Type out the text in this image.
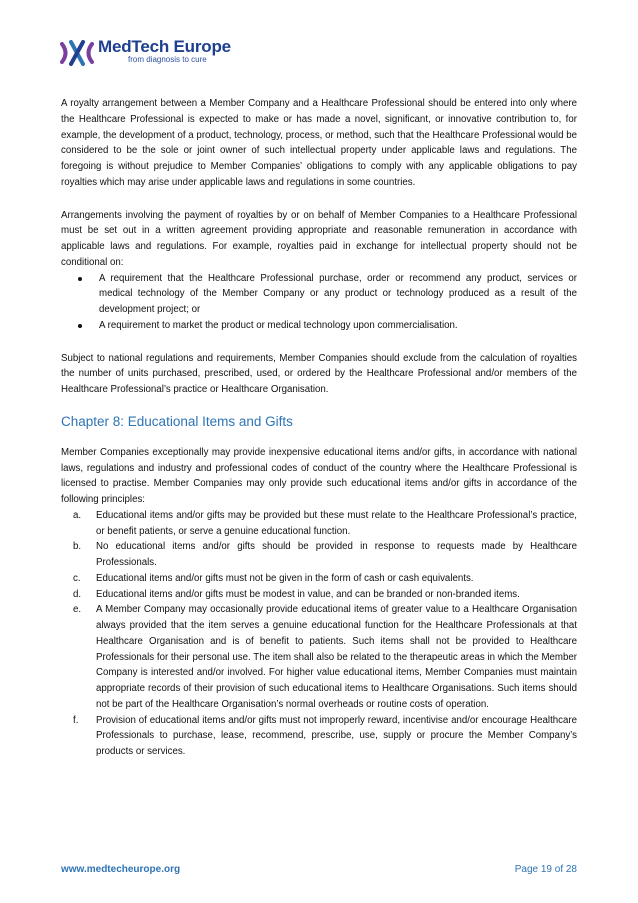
MedTech Europe
from diagnosis to cure

A royalty arrangement between a Member Company and a Healthcare Professional should be entered into only where the Healthcare Professional is expected to make or has made a novel, significant, or innovative contribution to, for example, the development of a product, technology, process, or method, such that the Healthcare Professional would be considered to be the sole or joint owner of such intellectual property under applicable laws and regulations. The foregoing is without prejudice to Member Companies’ obligations to comply with any applicable obligations to pay royalties which may arise under applicable laws and regulations in some countries.

Arrangements involving the payment of royalties by or on behalf of Member Companies to a Healthcare Professional must be set out in a written agreement providing appropriate and reasonable remuneration in accordance with applicable laws and regulations. For example, royalties paid in exchange for intellectual property should not be conditional on:

A requirement that the Healthcare Professional purchase, order or recommend any product, services or medical technology of the Member Company or any product or technology produced as a result of the development project; or
A requirement to market the product or medical technology upon commercialisation.

Subject to national regulations and requirements, Member Companies should exclude from the calculation of royalties the number of units purchased, prescribed, used, or ordered by the Healthcare Professional and/or members of the Healthcare Professional’s practice or Healthcare Organisation.

Chapter 8: Educational Items and Gifts

Member Companies exceptionally may provide inexpensive educational items and/or gifts, in accordance with national laws, regulations and industry and professional codes of conduct of the country where the Healthcare Professional is licensed to practise. Member Companies may only provide such educational items and/or gifts in accordance of the following principles:

a.	Educational items and/or gifts may be provided but these must relate to the Healthcare Professional’s practice, or benefit patients, or serve a genuine educational function.
b.	No educational items and/or gifts should be provided in response to requests made by Healthcare Professionals.
c.	Educational items and/or gifts must not be given in the form of cash or cash equivalents.
d.	Educational items and/or gifts must be modest in value, and can be branded or non-branded items.
e.	A Member Company may occasionally provide educational items of greater value to a Healthcare Organisation always provided that the item serves a genuine educational function for the Healthcare Professionals at that Healthcare Organisation and is of benefit to patients. Such items shall not be provided to Healthcare Professionals for their personal use. The item shall also be related to the therapeutic areas in which the Member Company is interested and/or involved. For higher value educational items, Member Companies must maintain appropriate records of their provision of such educational items to Healthcare Organisations. Such items should not be part of the Healthcare Organisation’s normal overheads or routine costs of operation.
f.	Provision of educational items and/or gifts must not improperly reward, incentivise and/or encourage Healthcare Professionals to purchase, lease, recommend, prescribe, use, supply or procure the Member Company’s products or services.
www.medtecheurope.org	Page 19 of 28
